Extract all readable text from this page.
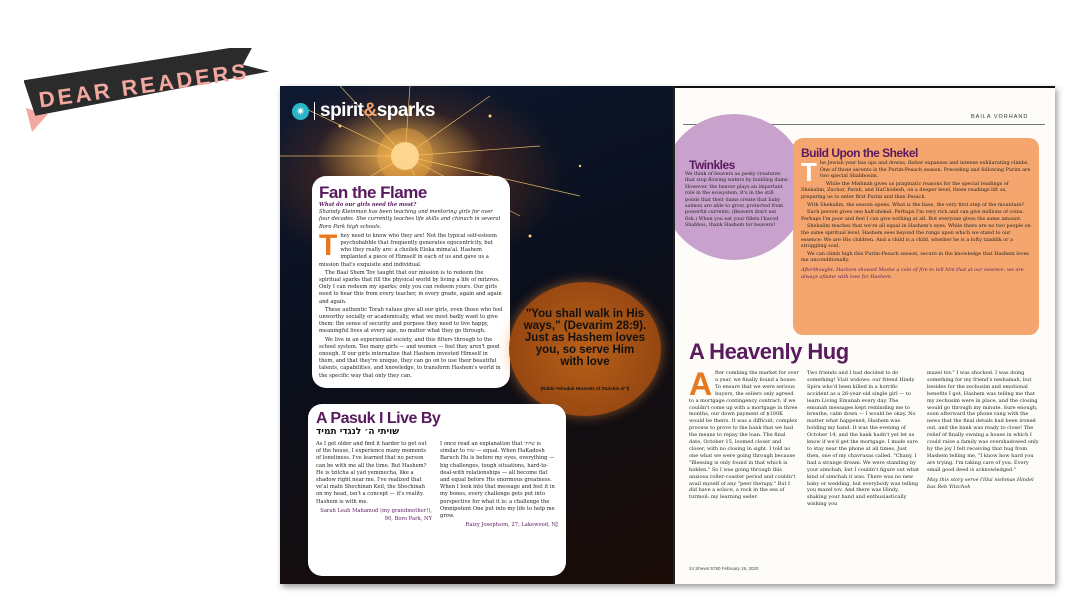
DEAR READERS	✷ spirit&sparks
Fan the Flame
What do our girls need the most?
Shaindy Kleinman has been teaching and mentoring girls for over four decades. She currently teaches life skills and chinuch in several Boro Park high schools.
T hey need to know who they are! Not the typical self-esteem psychobabble that frequently generates egocentricity, but who they really are: a cheilek Eloka mima'al. Hashem implanted a piece of Himself in each of us and gave us a mission that's exquisite and individual.

The Baal Shem Tov taught that our mission is to redeem the spiritual sparks that fill the physical world by living a life of mitzvos. Only I can redeem my sparks; only you can redeem yours. Our girls need to hear this from every teacher, in every grade, again and again and again.

These authentic Torah values give all our girls, even those who feel unworthy socially or academically, what we most badly want to give them: the sense of security and purpose they need to live happy, meaningful lives at every age, no matter what they go through.

We live in an experiential society, and this filters through to the school system. Too many girls — and women — feel they aren't good enough. If our girls internalize that Hashem invested Himself in them, and that they're unique, they can go on to use their beautiful talents, capabilities, and knowledge, to transform Hashem's world in the specific way that only they can.

"You shall walk in His ways," (Devarim 28:9). Just as Hashem loves you, so serve Him with love
(Rabbi Yehudah Horowitz of Stutchin zt"l)
A Pasuk I Live By
שויתי ה׳ לנגדי תמיד

As I get older and find it harder to get out of the house, I experience many moments of loneliness. I've learned that no person can be with me all the time. But Hashem? He is tzilcha al yad yeminecha, like a shadow right near me. I've realized that ve'al mahi Shechinan Keil, the Shechinah on my head, isn't a concept — it's reality. Hashem is with me.

Sarah Leah Mahamud (my grandmother!),

90, Boro Park, NY

I once read an explanation that שויתי is similar to שוה — equal. When HaKadosh Baruch Hu is before my eyes, everything — big challenges, tough situations, hard-to-deal-with relationships — all become flat and equal before His enormous greatness. When I look into that message and feel it in my bones, every challenge gets put into perspective for what it is: a challenge the Omnipotent One put into my life to help me grow.

Raizy Josephson, 27, Lakewood, NJ

BAILA VORHAND
Twinkles
We think of beavers as pesky creatures that stop flowing waters by building dams. However, the beaver plays an important role in the ecosystem. It's in the still ponds that their dams create that baby salmon are able to grow, protected from powerful currents. (Beavers don't eat fish.) When you eat your fillets l'kavod Shabbos, thank Hashem for beavers!
Build Upon the Shekel
T he Jewish year has ups and downs, flatter expanses and intense exhilarating climbs. One of those ascents is the Purim-Pesach season. Preceding and following Purim are two special Shabbosim.

While the Mishnah gives us pragmatic reasons for the special readings of Shekalim, Zachor, Parah, and HaChodesh, on a deeper level, these readings lift us, preparing us to enter first Purim and then Pesach.

With Shekalim, the season opens. What is the base, the very first step of the mountain?

Each person gives one half-shekel. Perhaps I'm very rich and can give millions of coins. Perhaps I'm poor and feel I can give nothing at all. But everyone gives the same amount.

Shekalim teaches that we're all equal in Hashem's eyes. While there are no two people on the same spiritual level, Hashem sees beyond the rungs upon which we stand to our essence: We are His children. And a child is a child, whether he is a lofty tzaddik or a struggling soul.

We can climb high this Purim-Pesach season, secure in the knowledge that Hashem loves me unconditionally.

Afterthought: Hashem showed Moshe a coin of fire to tell him that at our essence, we are always aflame with love for Hashem.

A Heavenly Hug
A fter combing the market for over a year, we finally found a house. To ensure that we were serious buyers, the sellers only agreed to a mortgage contingency contract; if we couldn't come up with a mortgage in three months, our down payment of $100K would be theirs. It was a difficult, complex process to prove to the bank that we had the means to repay the loan. The final date, October 15, loomed closer and closer, with no closing in sight. I told no one what we were going through because "Blessing is only found in that which is hidden." So I was going through this anxious roller-coaster period and couldn't avail myself of any "peer therapy." But I did have a solace, a rock in the sea of turmoil: my learning seder.

Two friends and I had decided to do something! Visit widows: our friend Hindy Spira who'd been killed in a horrific accident as a 26-year-old single girl — to learn Living Emunah every day. The emunah messages kept reminding me to breathe, calm down — I would be okay. No matter what happened, Hashem was holding my hand. It was the evening of October 14, and the bank hadn't yet let us know if we'd get the mortgage. I made sure to stay near the phone at all times. Just then, one of my chavrusas called. "Chany, I had a strange dream. We were standing by your simchah, but I couldn't figure out what kind of simchah it was. There was no new baby or wedding, but everybody was telling you mazel tov. And there was Hindy, shaking your hand and enthusiastically wishing you

mazel tov." I was shocked. I was doing something for my friend's neshamah, but besides for the zechusim and emotional benefits I got, Hashem was telling me that my zechusim were in place, and the closing would go through my minute. Sure enough, soon afterward the phone rang with the news that the final details had been ironed out, and the bank was ready to close! The relief of finally owning a house in which I could raise a family was overshadowed only by the joy I felt receiving that hug from Hashem telling me, "I know how hard you are trying. I'm taking care of you. Every small good deed is acknowledged."

May this story serve l'illui nishmas Hindel bas Reb Yitzchok

24 Shevet 5780 February 19, 2020
